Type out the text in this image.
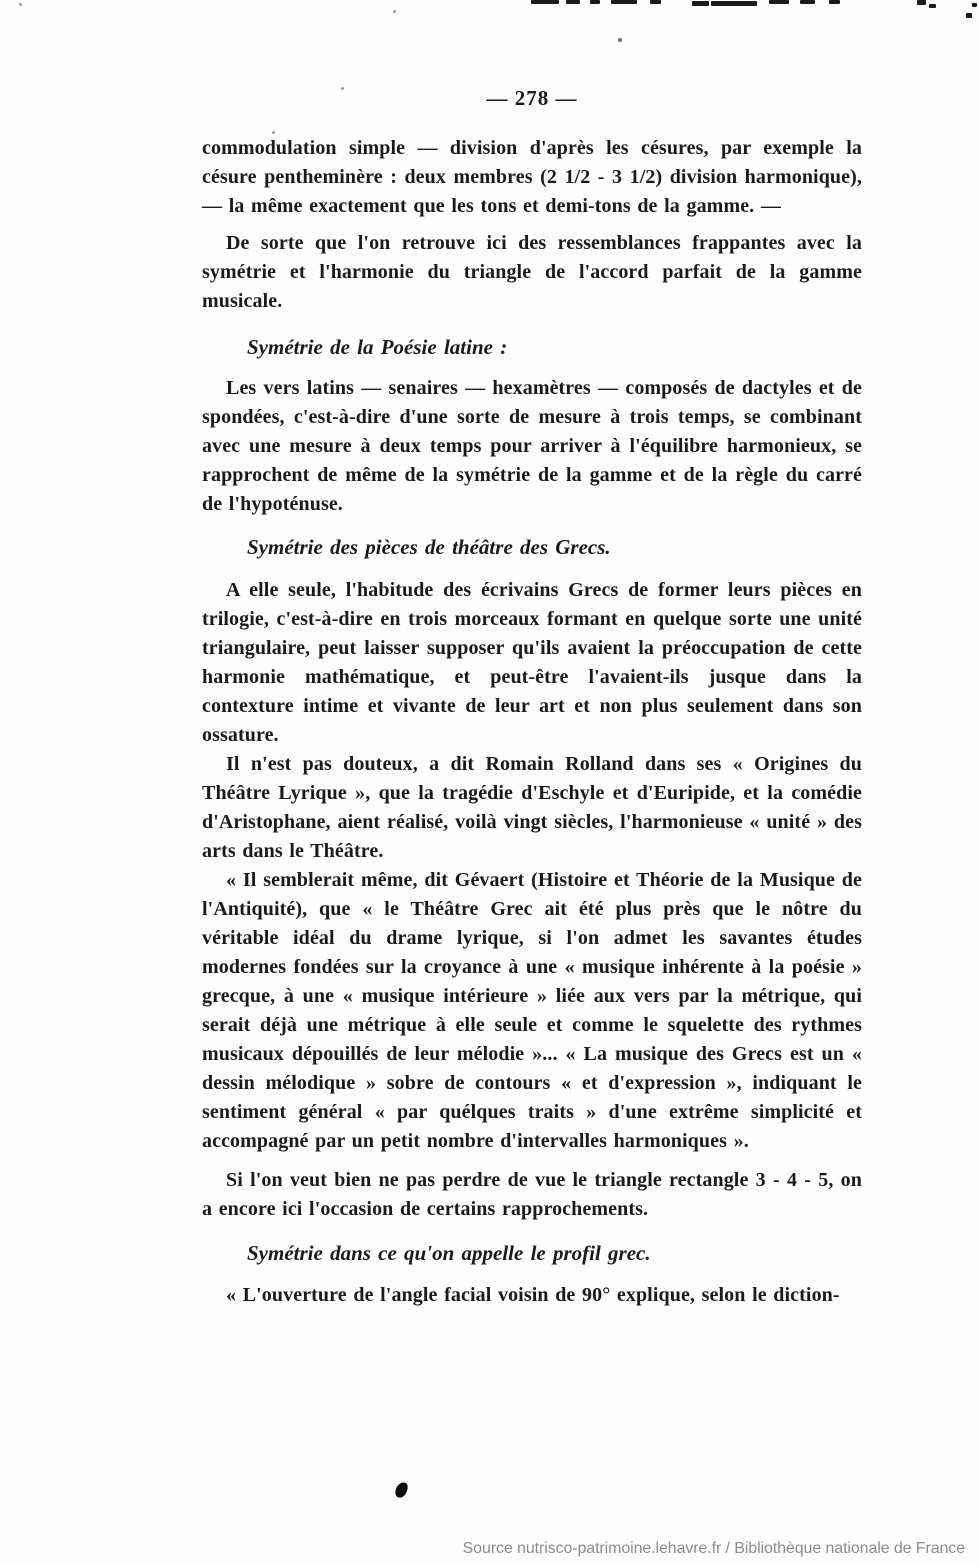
— 278 —

commodulation simple — division d'après les césures, par exemple la césure pentheminère : deux membres (2 1/2 - 3 1/2) division harmonique), — la même exactement que les tons et demi-tons de la gamme. —

De sorte que l'on retrouve ici des ressemblances frappantes avec la symétrie et l'harmonie du triangle de l'accord parfait de la gamme musicale.

Symétrie de la Poésie latine :

Les vers latins — senaires — hexamètres — composés de dactyles et de spondées, c'est-à-dire d'une sorte de mesure à trois temps, se combinant avec une mesure à deux temps pour arriver à l'équilibre harmonieux, se rapprochent de même de la symétrie de la gamme et de la règle du carré de l'hypoténuse.

Symétrie des pièces de théâtre des Grecs.

A elle seule, l'habitude des écrivains Grecs de former leurs pièces en trilogie, c'est-à-dire en trois morceaux formant en quelque sorte une unité triangulaire, peut laisser supposer qu'ils avaient la préoccupation de cette harmonie mathématique, et peut-être l'avaient-ils jusque dans la contexture intime et vivante de leur art et non plus seulement dans son ossature.

Il n'est pas douteux, a dit Romain Rolland dans ses « Origines du Théâtre Lyrique », que la tragédie d'Eschyle et d'Euripide, et la comédie d'Aristophane, aient réalisé, voilà vingt siècles, l'harmonieuse « unité » des arts dans le Théâtre.

« Il semblerait même, dit Gévaert (Histoire et Théorie de la Musique de l'Antiquité), que « le Théâtre Grec ait été plus près que le nôtre du véritable idéal du drame lyrique, si l'on admet les savantes études modernes fondées sur la croyance à une « musique inhérente à la poésie » grecque, à une « musique intérieure » liée aux vers par la métrique, qui serait déjà une métrique à elle seule et comme le squelette des rythmes musicaux dépouillés de leur mélodie »... « La musique des Grecs est un « dessin mélodique » sobre de contours « et d'expression », indiquant le sentiment général « par quélques traits » d'une extrême simplicité et accompagné par un petit nombre d'intervalles harmoniques ».

Si l'on veut bien ne pas perdre de vue le triangle rectangle 3 - 4 - 5, on a encore ici l'occasion de certains rapprochements.

Symétrie dans ce qu'on appelle le profil grec.

« L'ouverture de l'angle facial voisin de 90° explique, selon le diction-

Source nutrisco-patrimoine.lehavre.fr / Bibliothèque nationale de France
